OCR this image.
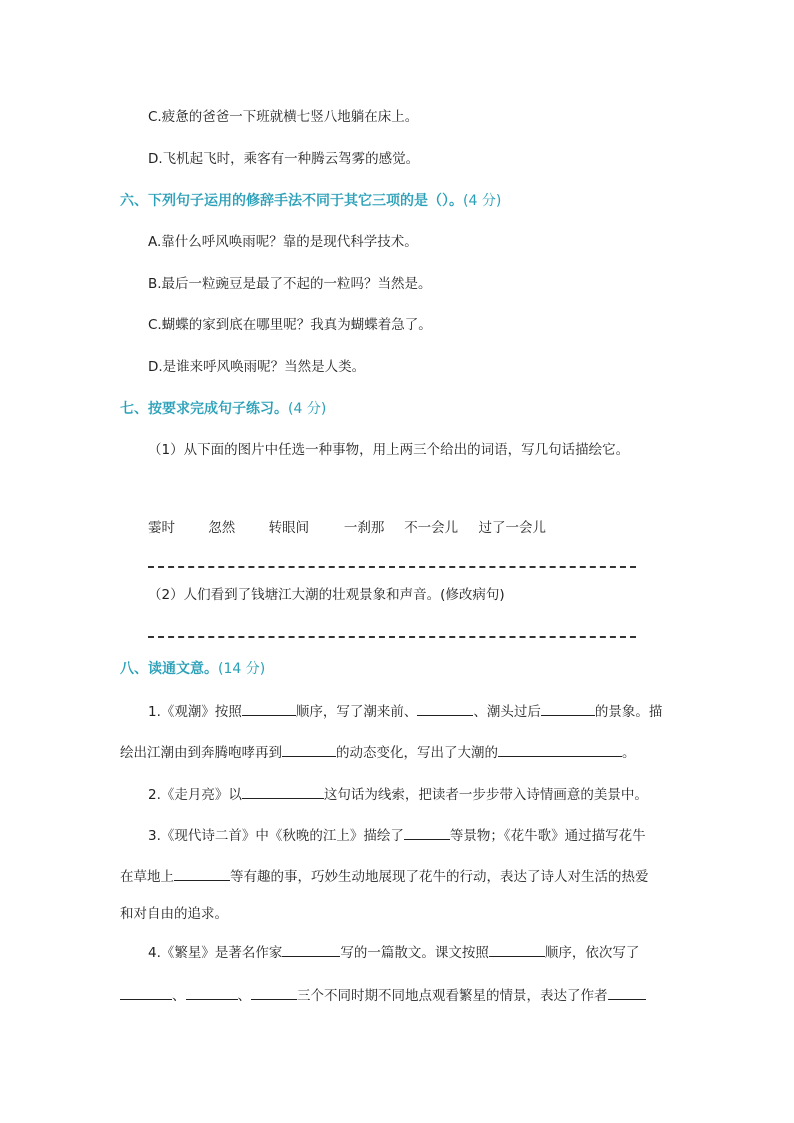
C.疲惫的爸爸一下班就横七竖八地躺在床上。
D.飞机起飞时，乘客有一种腾云驾雾的感觉。
六、下列句子运用的修辞手法不同于其它三项的是（）。(4 分)
A.靠什么呼风唤雨呢？靠的是现代科学技术。
B.最后一粒豌豆是最了不起的一粒吗？当然是。
C.蝴蝶的家到底在哪里呢？我真为蝴蝶着急了。
D.是谁来呼风唤雨呢？当然是人类。
七、按要求完成句子练习。(4 分)
（1）从下面的图片中任选一种事物，用上两三个给出的词语，写几句话描绘它。
霎时 忽然 转眼间	一刹那 不一会儿 过了一会儿
（2）人们看到了钱塘江大潮的壮观景象和声音。(修改病句)
八、读通文意。(14 分)
1.《观潮》按照	顺序，写了潮来前、	、潮头过后	的景象。描
绘出江潮由到奔腾咆哮再到	的动态变化，写出了大潮的	。
2.《走月亮》以	这句话为线索，把读者一步步带入诗情画意的美景中。
3.《现代诗二首》中《秋晚的江上》描绘了	等景物；《花牛歌》通过描写花牛
在草地上	等有趣的事，巧妙生动地展现了花牛的行动，表达了诗人对生活的热爱
和对自由的追求。
4.《繁星》是著名作家	写的一篇散文。课文按照	顺序，依次写了
、	、	三个不同时期不同地点观看繁星的情景，表达了作者
